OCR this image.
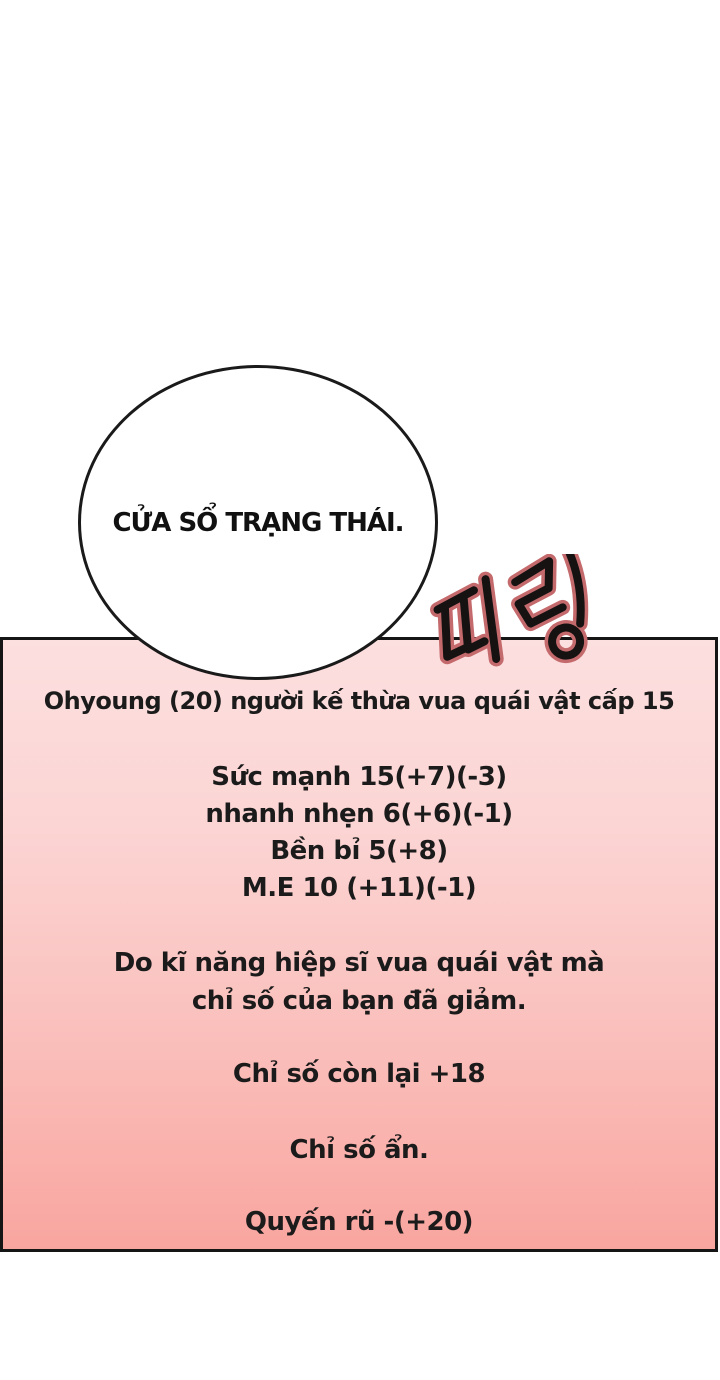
Ohyoung (20) người kế thừa vua quái vật cấp 15
Sức mạnh 15(+7)(-3)
nhanh nhẹn 6(+6)(-1)
Bền bỉ 5(+8)
M.E 10 (+11)(-1)
Do kĩ năng hiệp sĩ vua quái vật mà
chỉ số của bạn đã giảm.
Chỉ số còn lại +18
Chỉ số ẩn.
Quyến rũ -(+20)
CỬA SỔ TRẠNG THÁI.
